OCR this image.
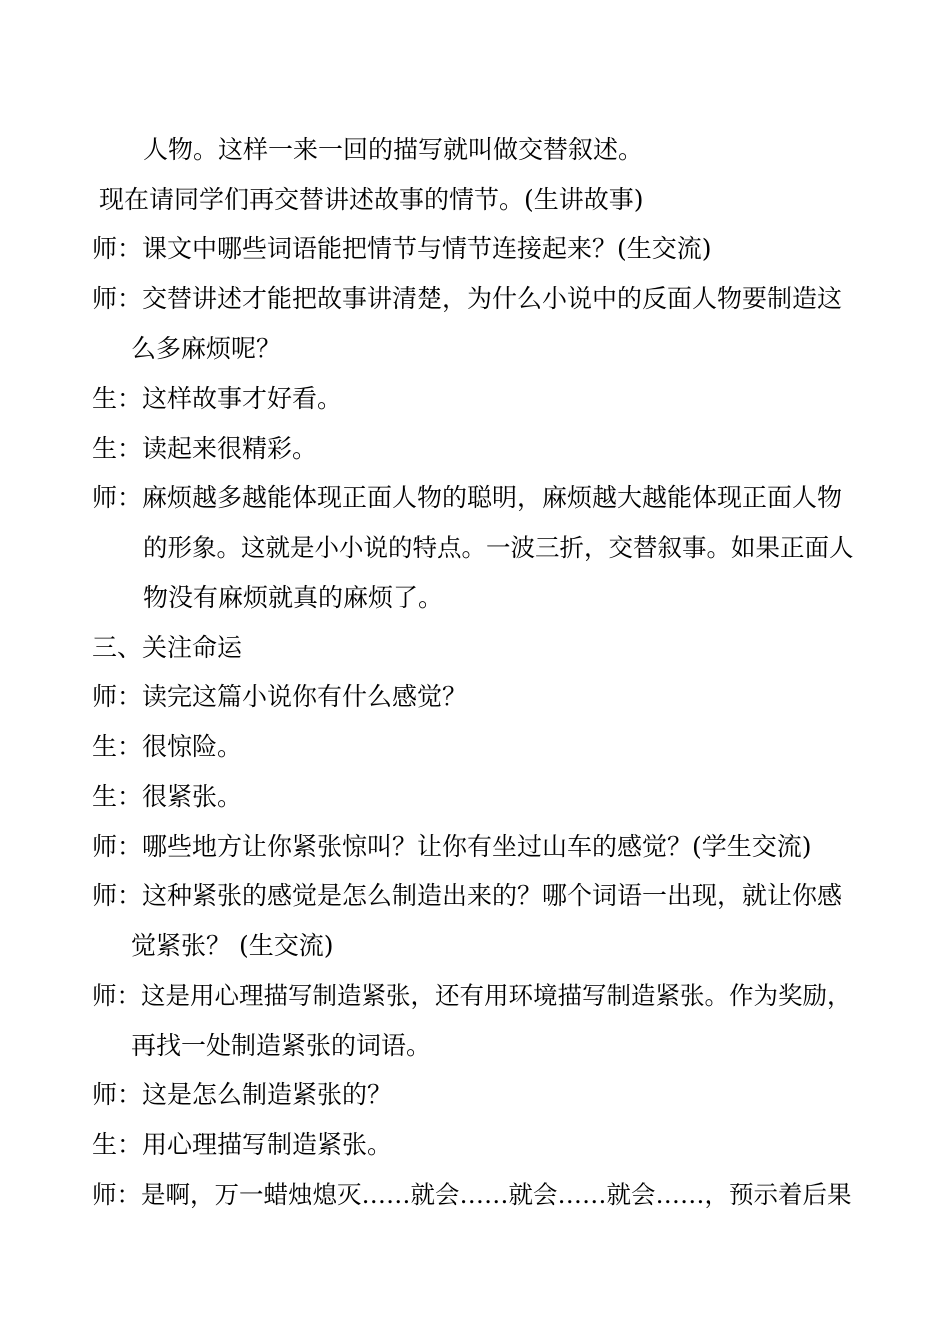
人物。这样一来一回的描写就叫做交替叙述。
现在请同学们再交替讲述故事的情节。(生讲故事)
师：课文中哪些词语能把情节与情节连接起来？(生交流)
师：交替讲述才能把故事讲清楚，为什么小说中的反面人物要制造这
么多麻烦呢？
生：这样故事才好看。
生：读起来很精彩。
师：麻烦越多越能体现正面人物的聪明，麻烦越大越能体现正面人物
的形象。这就是小小说的特点。一波三折，交替叙事。如果正面人
物没有麻烦就真的麻烦了。
三、关注命运
师：读完这篇小说你有什么感觉？
生：很惊险。
生：很紧张。
师：哪些地方让你紧张惊叫？让你有坐过山车的感觉？(学生交流)
师：这种紧张的感觉是怎么制造出来的？哪个词语一出现，就让你感
觉紧张？ (生交流)
师：这是用心理描写制造紧张，还有用环境描写制造紧张。作为奖励，
再找一处制造紧张的词语。
师：这是怎么制造紧张的？
生：用心理描写制造紧张。
师：是啊，万一蜡烛熄灭……就会……就会……就会……，预示着后果
